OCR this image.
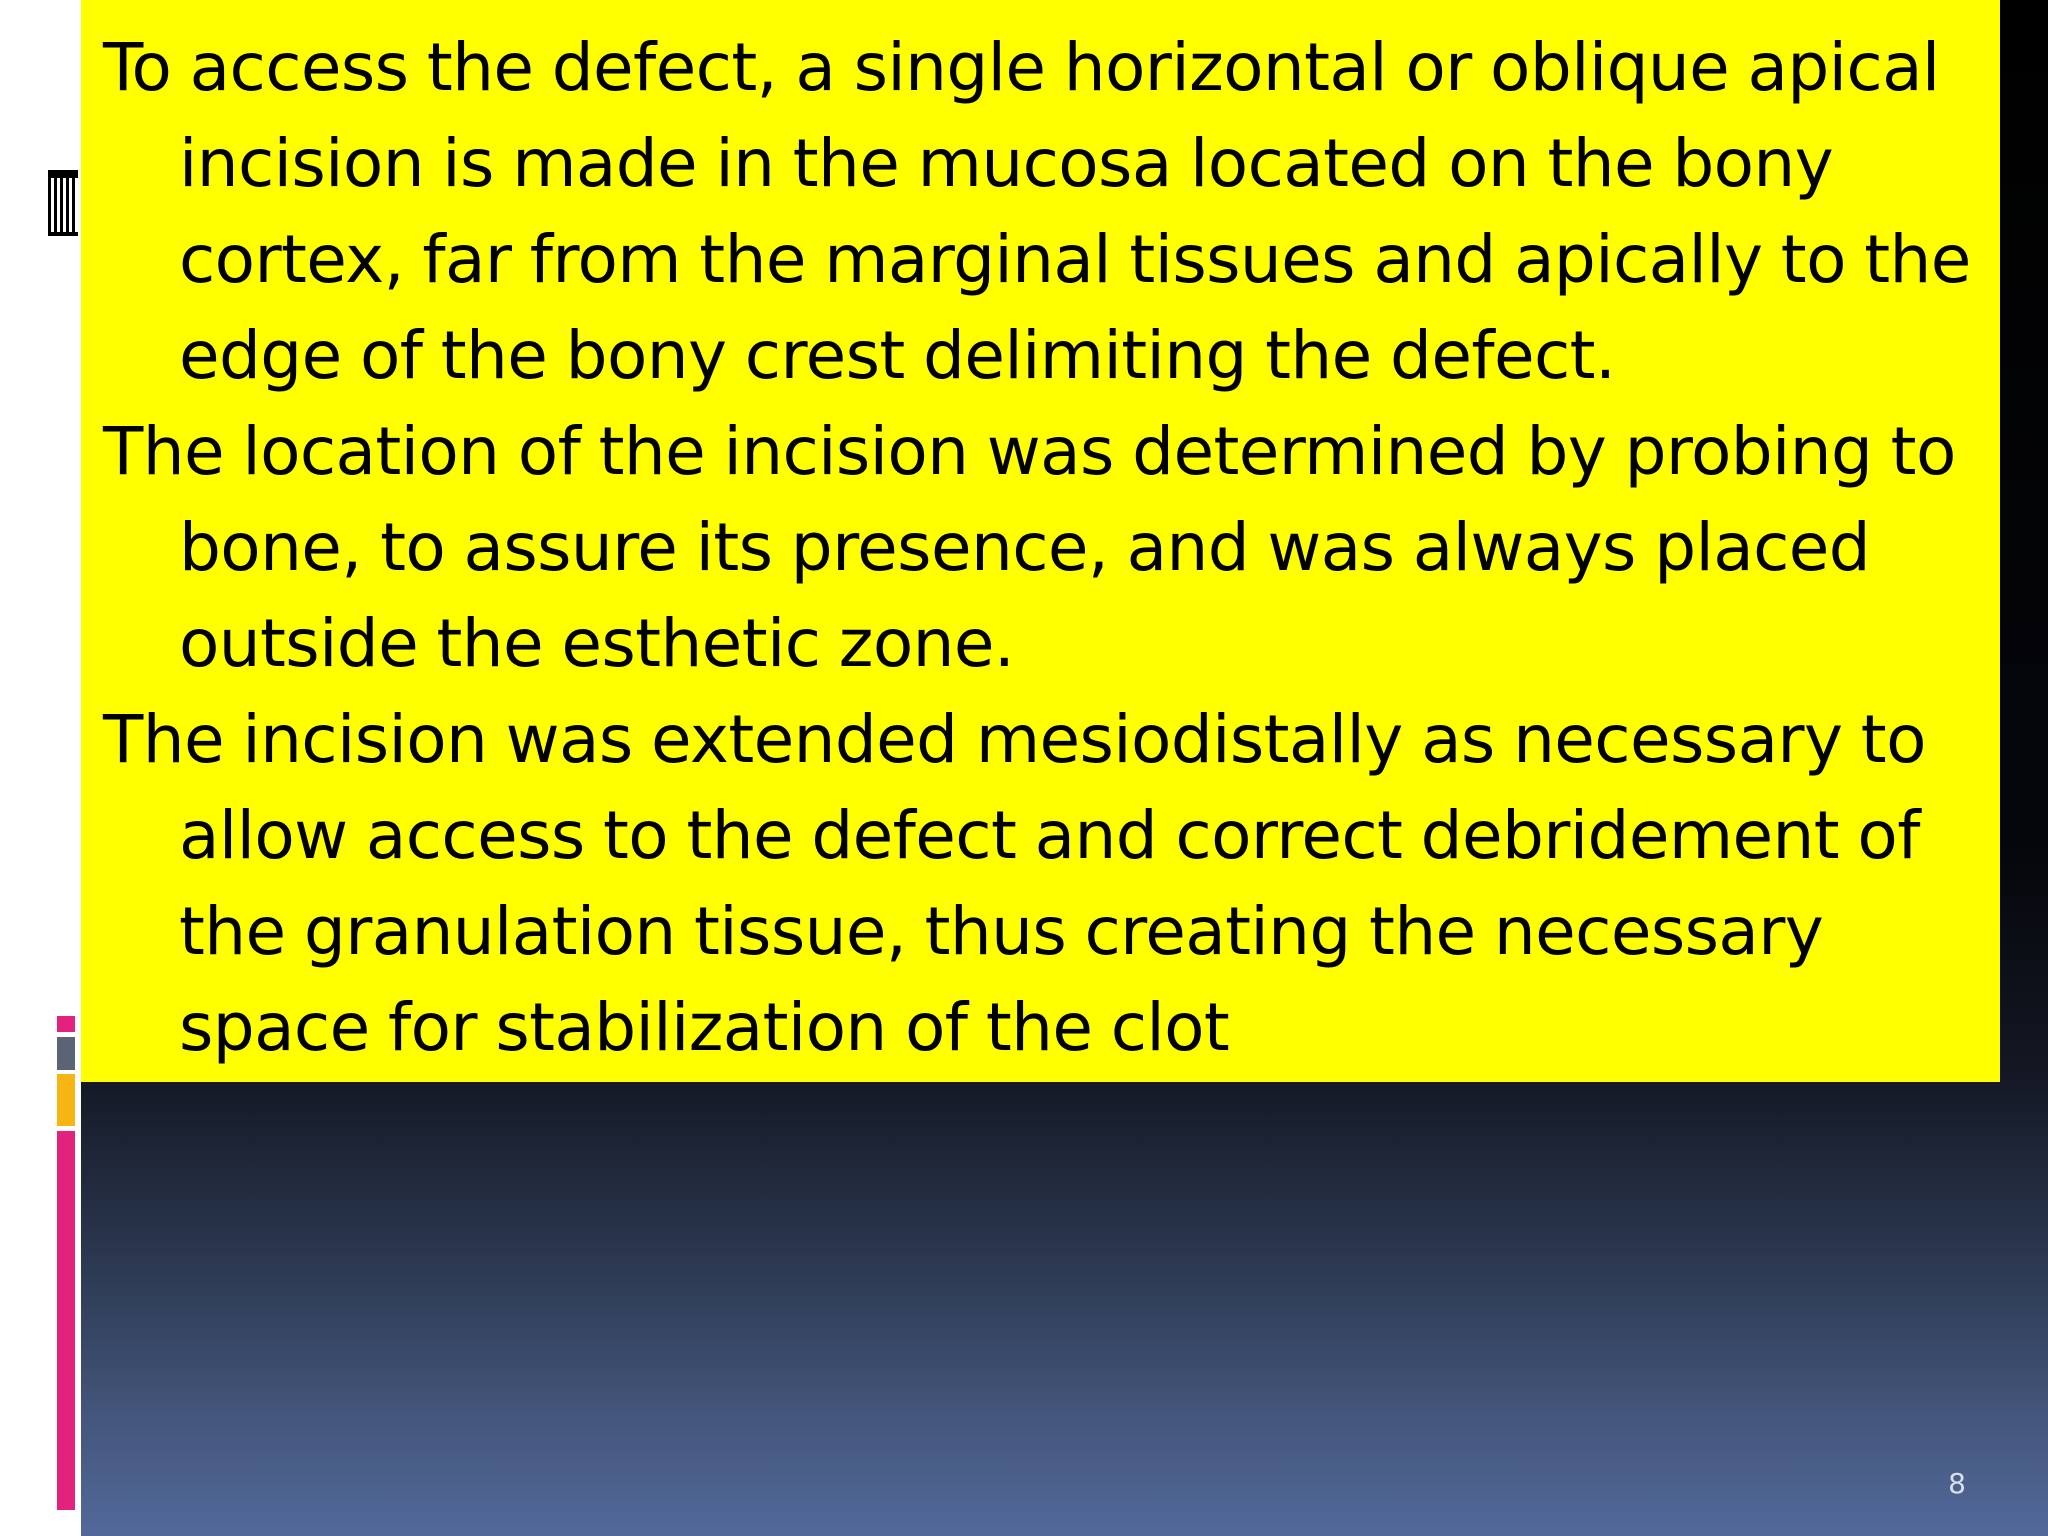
To access the defect, a single horizontal or oblique apical incision is made in the mucosa located on the bony cortex, far from the marginal tissues and apically to the edge of the bony crest delimiting the defect.

The location of the incision was determined by probing to bone, to assure its presence, and was always placed outside the esthetic zone.

The incision was extended mesiodistally as necessary to allow access to the defect and correct debridement of the granulation tissue, thus creating the necessary space for stabilization of the clot

8
